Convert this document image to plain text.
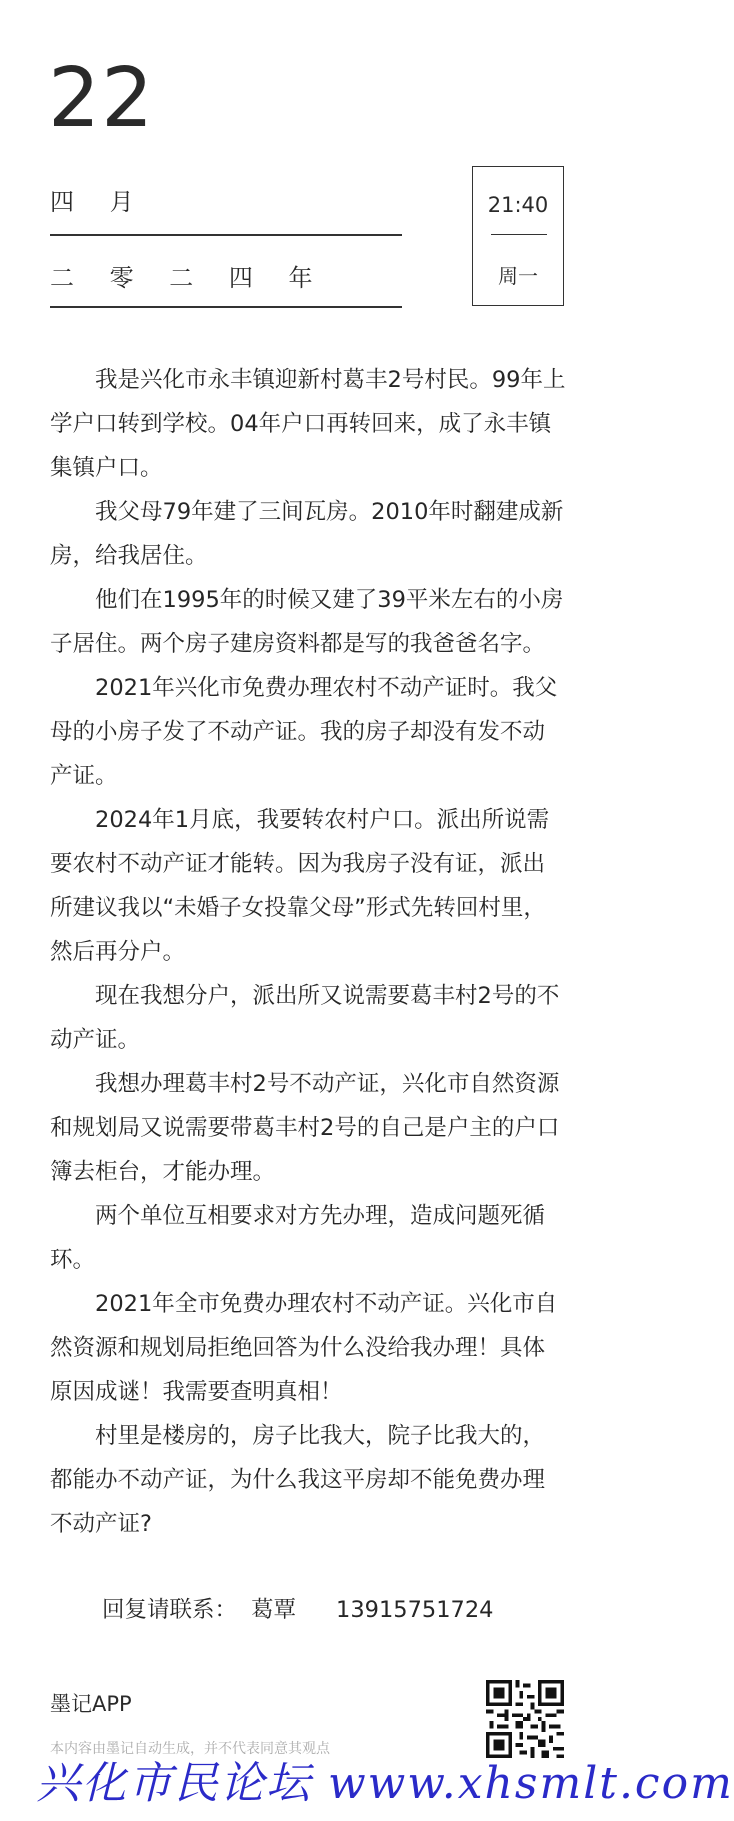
22
四 月
二 零 二 四 年
21:40
周一

　　我是兴化市永丰镇迎新村葛丰2号村民。99年上学户口转到学校。04年户口再转回来，成了永丰镇集镇户口。

　　我父母79年建了三间瓦房。2010年时翻建成新房，给我居住。

　　他们在1995年的时候又建了39平米左右的小房子居住。两个房子建房资料都是写的我爸爸名字。

　　2021年兴化市免费办理农村不动产证时。我父母的小房子发了不动产证。我的房子却没有发不动产证。

　　2024年1月底，我要转农村户口。派出所说需要农村不动产证才能转。因为我房子没有证，派出所建议我以“未婚子女投靠父母”形式先转回村里，然后再分户。

　　现在我想分户，派出所又说需要葛丰村2号的不动产证。

　　我想办理葛丰村2号不动产证，兴化市自然资源和规划局又说需要带葛丰村2号的自己是户主的户口簿去柜台，才能办理。

　　两个单位互相要求对方先办理，造成问题死循环。

　　2021年全市免费办理农村不动产证。兴化市自然资源和规划局拒绝回答为什么没给我办理！具体原因成谜！我需要查明真相！

　　村里是楼房的，房子比我大，院子比我大的，都能办不动产证，为什么我这平房却不能免费办理不动产证?

回复请联系： 葛覃 13915751724
墨记APP
本内容由墨记自动生成，并不代表同意其观点
兴化市民论坛 www.xhsmlt.com
